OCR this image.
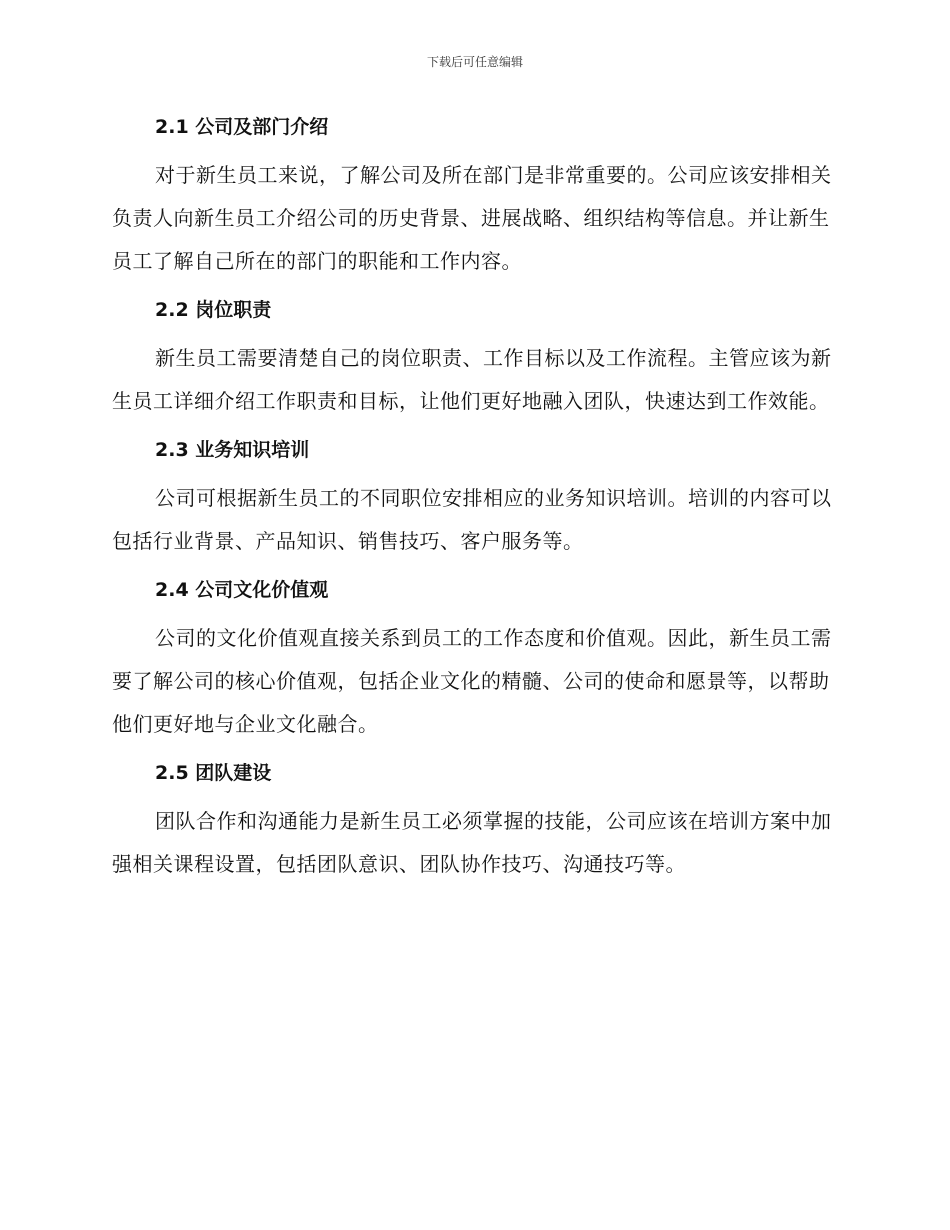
下载后可任意编辑
2.1 公司及部门介绍

对于新生员工来说，了解公司及所在部门是非常重要的。公司应该安排相关负责人向新生员工介绍公司的历史背景、进展战略、组织结构等信息。并让新生员工了解自己所在的部门的职能和工作内容。

2.2 岗位职责

新生员工需要清楚自己的岗位职责、工作目标以及工作流程。主管应该为新生员工详细介绍工作职责和目标，让他们更好地融入团队，快速达到工作效能。

2.3 业务知识培训

公司可根据新生员工的不同职位安排相应的业务知识培训。培训的内容可以包括行业背景、产品知识、销售技巧、客户服务等。

2.4 公司文化价值观

公司的文化价值观直接关系到员工的工作态度和价值观。因此，新生员工需要了解公司的核心价值观，包括企业文化的精髓、公司的使命和愿景等，以帮助他们更好地与企业文化融合。

2.5 团队建设

团队合作和沟通能力是新生员工必须掌握的技能，公司应该在培训方案中加强相关课程设置，包括团队意识、团队协作技巧、沟通技巧等。
